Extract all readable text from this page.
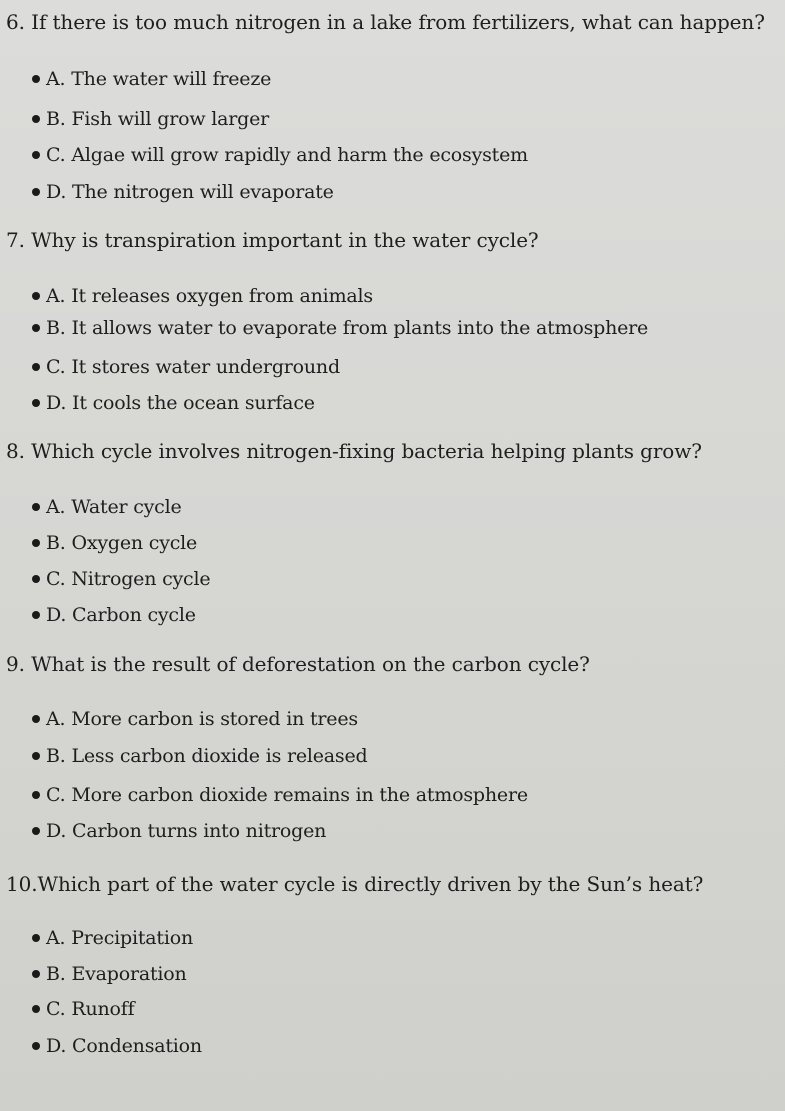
6. If there is too much nitrogen in a lake from fertilizers, what can happen?
A. The water will freeze
B. Fish will grow larger
C. Algae will grow rapidly and harm the ecosystem
D. The nitrogen will evaporate
7. Why is transpiration important in the water cycle?
A. It releases oxygen from animals
B. It allows water to evaporate from plants into the atmosphere
C. It stores water underground
D. It cools the ocean surface
8. Which cycle involves nitrogen-fixing bacteria helping plants grow?
A. Water cycle
B. Oxygen cycle
C. Nitrogen cycle
D. Carbon cycle
9. What is the result of deforestation on the carbon cycle?
A. More carbon is stored in trees
B. Less carbon dioxide is released
C. More carbon dioxide remains in the atmosphere
D. Carbon turns into nitrogen
10.Which part of the water cycle is directly driven by the Sun’s heat?
A. Precipitation
B. Evaporation
C. Runoff
D. Condensation
